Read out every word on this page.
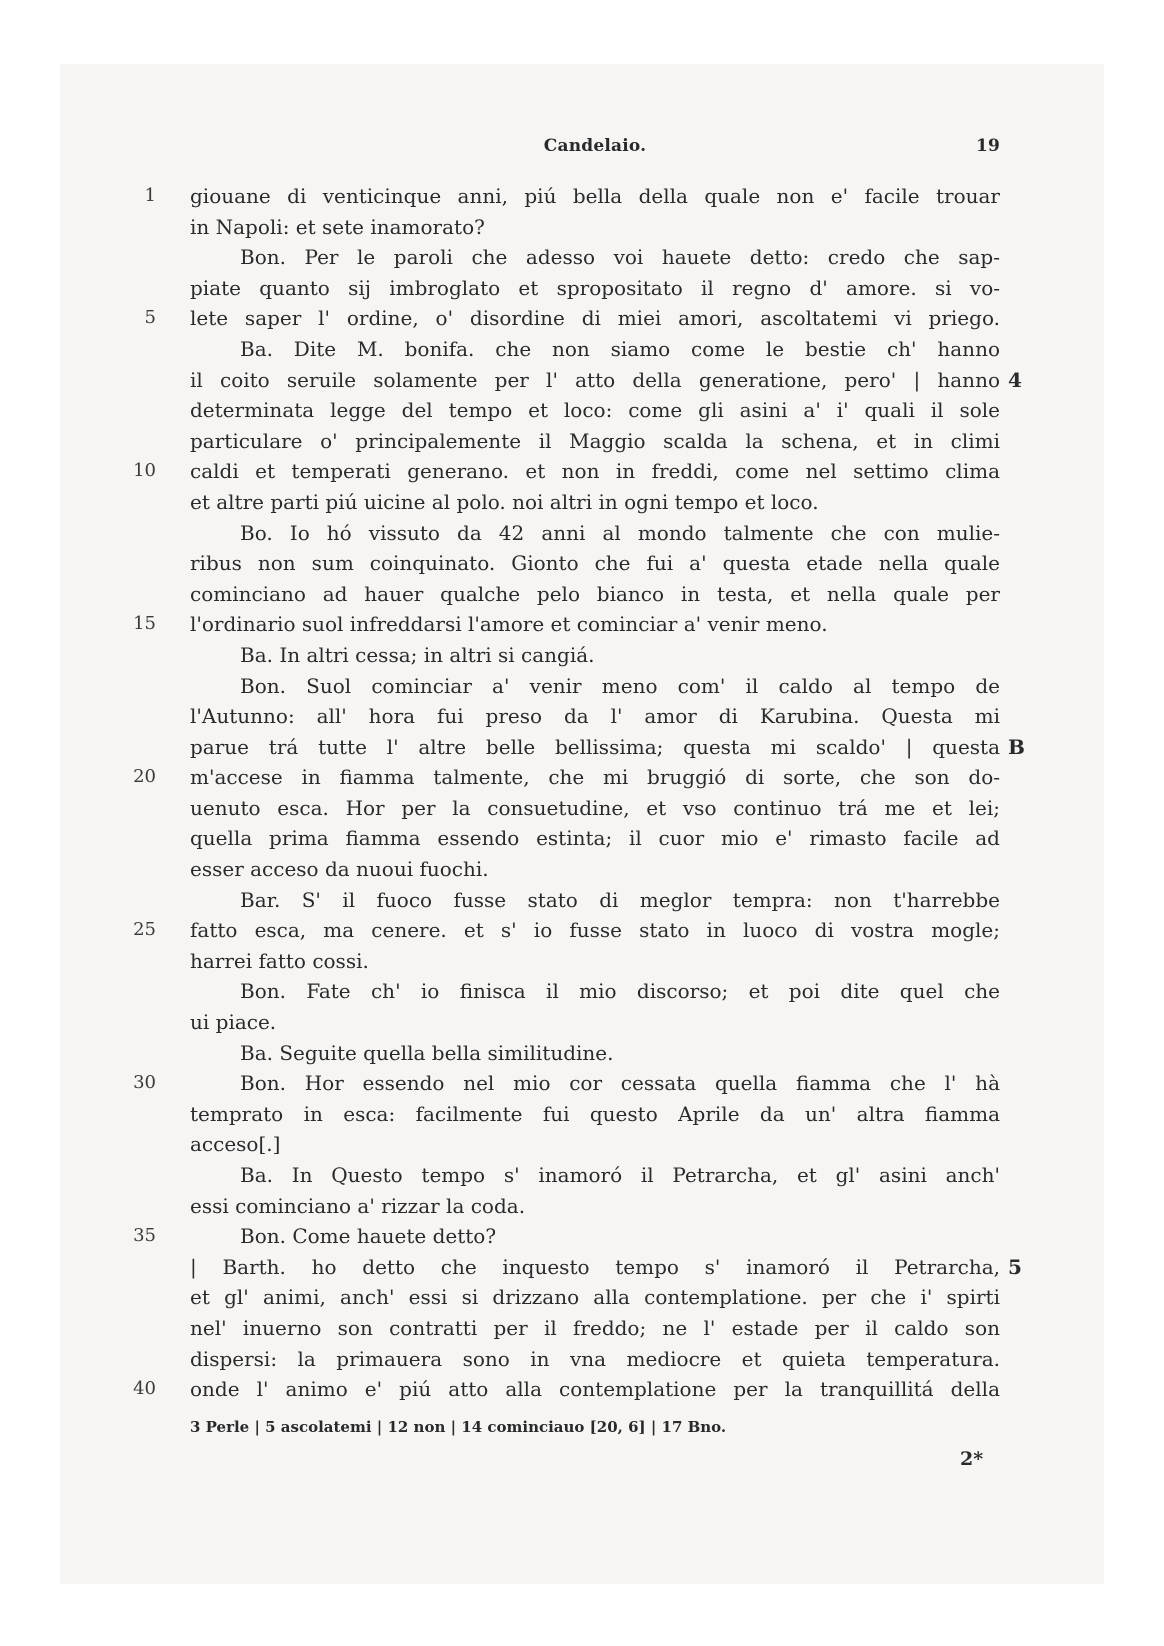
Candelaio.	19
1 giouane di venticinque anni, piú bella della quale non e' facile trouar
in Napoli: et sete inamorato?
Bon. Per le paroli che adesso voi hauete detto: credo che sap-
piate quanto sij imbroglato et spropositato il regno d' amore. si vo-
5 lete saper l' ordine, o' disordine di miei amori, ascoltatemi vi priego.
Ba. Dite M. bonifa. che non siamo come le bestie ch' hanno
il coito seruile solamente per l' atto della generatione, pero' | hanno 4
determinata legge del tempo et loco: come gli asini a' i' quali il sole
particulare o' principalemente il Maggio scalda la schena, et in climi
10 caldi et temperati generano. et non in freddi, come nel settimo clima
et altre parti piú uicine al polo. noi altri in ogni tempo et loco.
Bo. Io hó vissuto da 42 anni al mondo talmente che con mulie-
ribus non sum coinquinato. Gionto che fui a' questa etade nella quale
cominciano ad hauer qualche pelo bianco in testa, et nella quale per
15 l'ordinario suol infreddarsi l'amore et cominciar a' venir meno.
Ba. In altri cessa; in altri si cangiá.
Bon. Suol cominciar a' venir meno com' il caldo al tempo de
l'Autunno: all' hora fui preso da l' amor di Karubina. Questa mi
parue trá tutte l' altre belle bellissima; questa mi scaldo' | questa B
20 m'accese in fiamma talmente, che mi bruggió di sorte, che son do-
uenuto esca. Hor per la consuetudine, et vso continuo trá me et lei;
quella prima fiamma essendo estinta; il cuor mio e' rimasto facile ad
esser acceso da nuoui fuochi.
Bar. S' il fuoco fusse stato di meglor tempra: non t'harrebbe
25 fatto esca, ma cenere. et s' io fusse stato in luoco di vostra mogle;
harrei fatto cossi.
Bon. Fate ch' io finisca il mio discorso; et poi dite quel che
ui piace.
Ba. Seguite quella bella similitudine.
30	Bon. Hor essendo nel mio cor cessata quella fiamma che l' hà
temprato in esca: facilmente fui questo Aprile da un' altra fiamma
acceso[.]
Ba. In Questo tempo s' inamoró il Petrarcha, et gl' asini anch'
essi cominciano a' rizzar la coda.
35	Bon. Come hauete detto?
| Barth. ho detto che inquesto tempo s' inamoró il Petrarcha, 5
et gl' animi, anch' essi si drizzano alla contemplatione. per che i' spirti
nel' inuerno son contratti per il freddo; ne l' estade per il caldo son
dispersi: la primauera sono in vna mediocre et quieta temperatura.
40 onde l' animo e' piú atto alla contemplatione per la tranquillitá della
3 Perle | 5 ascolatemi | 12 non | 14 cominciauo [20, 6] | 17 Bno.
2*
